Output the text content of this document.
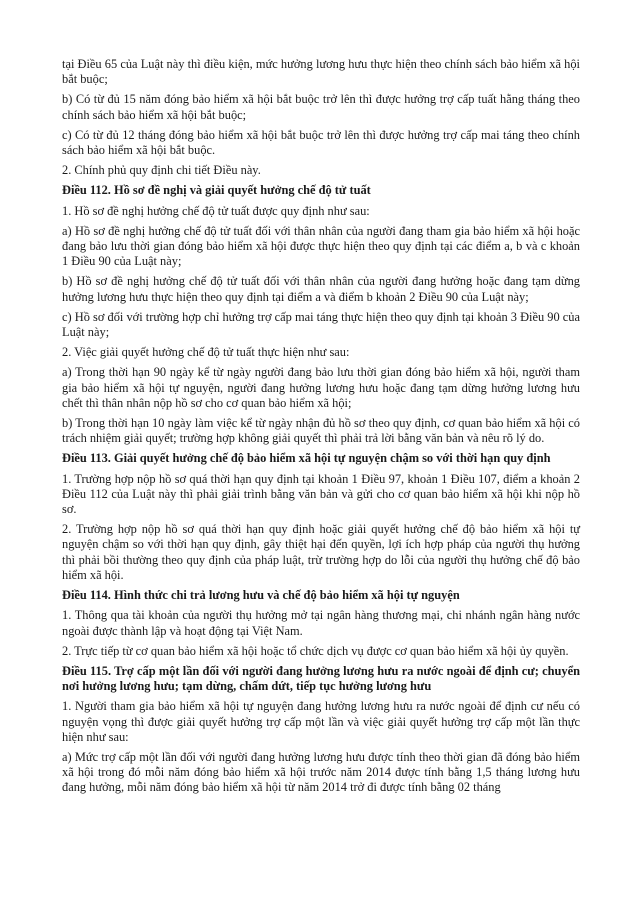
tại Điều 65 của Luật này thì điều kiện, mức hưởng lương hưu thực hiện theo chính sách bảo hiểm xã hội bắt buộc;

b) Có từ đủ 15 năm đóng bảo hiểm xã hội bắt buộc trở lên thì được hưởng trợ cấp tuất hằng tháng theo chính sách bảo hiểm xã hội bắt buộc;

c) Có từ đủ 12 tháng đóng bảo hiểm xã hội bắt buộc trở lên thì được hưởng trợ cấp mai táng theo chính sách bảo hiểm xã hội bắt buộc.

2. Chính phủ quy định chi tiết Điều này.

Điều 112. Hồ sơ đề nghị và giải quyết hưởng chế độ tử tuất

1. Hồ sơ đề nghị hưởng chế độ tử tuất được quy định như sau:

a) Hồ sơ đề nghị hưởng chế độ tử tuất đối với thân nhân của người đang tham gia bảo hiểm xã hội hoặc đang bảo lưu thời gian đóng bảo hiểm xã hội được thực hiện theo quy định tại các điểm a, b và c khoản 1 Điều 90 của Luật này;

b) Hồ sơ đề nghị hưởng chế độ tử tuất đối với thân nhân của người đang hưởng hoặc đang tạm dừng hưởng lương hưu thực hiện theo quy định tại điểm a và điểm b khoản 2 Điều 90 của Luật này;

c) Hồ sơ đối với trường hợp chỉ hưởng trợ cấp mai táng thực hiện theo quy định tại khoản 3 Điều 90 của Luật này;

2. Việc giải quyết hưởng chế độ tử tuất thực hiện như sau:

a) Trong thời hạn 90 ngày kể từ ngày người đang bảo lưu thời gian đóng bảo hiểm xã hội, người tham gia bảo hiểm xã hội tự nguyện, người đang hưởng lương hưu hoặc đang tạm dừng hưởng lương hưu chết thì thân nhân nộp hồ sơ cho cơ quan bảo hiểm xã hội;

b) Trong thời hạn 10 ngày làm việc kể từ ngày nhận đủ hồ sơ theo quy định, cơ quan bảo hiểm xã hội có trách nhiệm giải quyết; trường hợp không giải quyết thì phải trả lời bằng văn bản và nêu rõ lý do.

Điều 113. Giải quyết hưởng chế độ bảo hiểm xã hội tự nguyện chậm so với thời hạn quy định

1. Trường hợp nộp hồ sơ quá thời hạn quy định tại khoản 1 Điều 97, khoản 1 Điều 107, điểm a khoản 2 Điều 112 của Luật này thì phải giải trình bằng văn bản và gửi cho cơ quan bảo hiểm xã hội khi nộp hồ sơ.

2. Trường hợp nộp hồ sơ quá thời hạn quy định hoặc giải quyết hưởng chế độ bảo hiểm xã hội tự nguyện chậm so với thời hạn quy định, gây thiệt hại đến quyền, lợi ích hợp pháp của người thụ hưởng thì phải bồi thường theo quy định của pháp luật, trừ trường hợp do lỗi của người thụ hưởng chế độ bảo hiểm xã hội.

Điều 114. Hình thức chi trả lương hưu và chế độ bảo hiểm xã hội tự nguyện

1. Thông qua tài khoản của người thụ hưởng mở tại ngân hàng thương mại, chi nhánh ngân hàng nước ngoài được thành lập và hoạt động tại Việt Nam.

2. Trực tiếp từ cơ quan bảo hiểm xã hội hoặc tổ chức dịch vụ được cơ quan bảo hiểm xã hội ủy quyền.

Điều 115. Trợ cấp một lần đối với người đang hưởng lương hưu ra nước ngoài để định cư; chuyển nơi hưởng lương hưu; tạm dừng, chấm dứt, tiếp tục hưởng lương hưu

1. Người tham gia bảo hiểm xã hội tự nguyện đang hưởng lương hưu ra nước ngoài để định cư nếu có nguyện vọng thì được giải quyết hưởng trợ cấp một lần và việc giải quyết hưởng trợ cấp một lần thực hiện như sau:

a) Mức trợ cấp một lần đối với người đang hưởng lương hưu được tính theo thời gian đã đóng bảo hiểm xã hội trong đó mỗi năm đóng bảo hiểm xã hội trước năm 2014 được tính bằng 1,5 tháng lương hưu đang hưởng, mỗi năm đóng bảo hiểm xã hội từ năm 2014 trở đi được tính bằng 02 tháng
